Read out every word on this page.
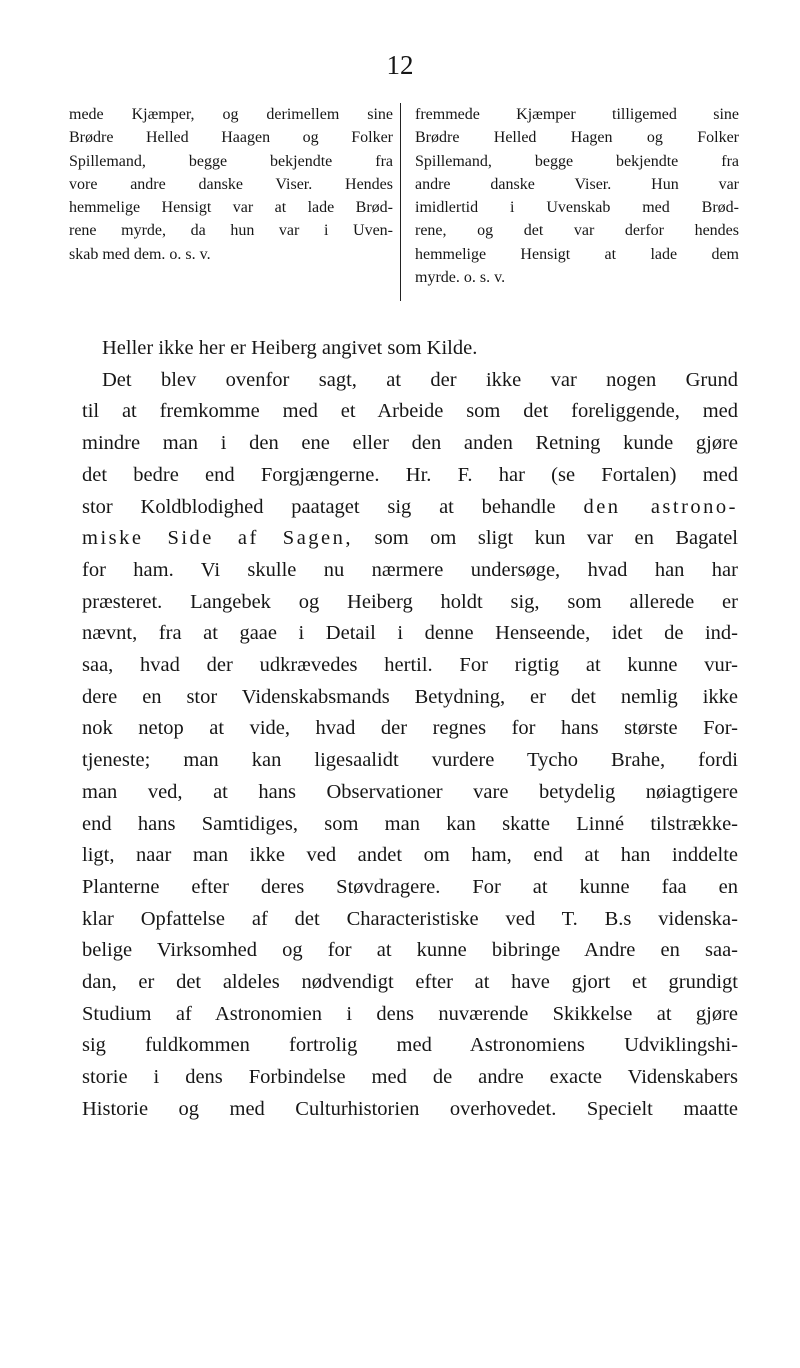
12
mede Kjæmper, og derimellem sine
Brødre Helled Haagen og Folker
Spillemand, begge bekjendte fra
vore andre danske Viser. Hendes
hemmelige Hensigt var at lade Brød-
rene myrde, da hun var i Uven-
skab med dem. o. s. v.
fremmede Kjæmper tilligemed sine
Brødre Helled Hagen og Folker
Spillemand, begge bekjendte fra
andre danske Viser. Hun var
imidlertid i Uvenskab med Brød-
rene, og det var derfor hendes
hemmelige Hensigt at lade dem
myrde. o. s. v.
Heller ikke her er Heiberg angivet som Kilde.
Det blev ovenfor sagt, at der ikke var nogen Grund
til at fremkomme med et Arbeide som det foreliggende, med
mindre man i den ene eller den anden Retning kunde gjøre
det bedre end Forgjængerne. Hr. F. har (se Fortalen) med
stor Koldblodighed paataget sig at behandle den astrono-
miske Side af Sagen, som om sligt kun var en Bagatel
for ham. Vi skulle nu nærmere undersøge, hvad han har
præsteret. Langebek og Heiberg holdt sig, som allerede er
nævnt, fra at gaae i Detail i denne Henseende, idet de ind-
saa, hvad der udkrævedes hertil. For rigtig at kunne vur-
dere en stor Videnskabsmands Betydning, er det nemlig ikke
nok netop at vide, hvad der regnes for hans største For-
tjeneste; man kan ligesaalidt vurdere Tycho Brahe, fordi
man ved, at hans Observationer vare betydelig nøiagtigere
end hans Samtidiges, som man kan skatte Linné tilstrække-
ligt, naar man ikke ved andet om ham, end at han inddelte
Planterne efter deres Støvdragere. For at kunne faa en
klar Opfattelse af det Characteristiske ved T. B.s videnska-
belige Virksomhed og for at kunne bibringe Andre en saa-
dan, er det aldeles nødvendigt efter at have gjort et grundigt
Studium af Astronomien i dens nuværende Skikkelse at gjøre
sig fuldkommen fortrolig med Astronomiens Udviklingshi-
storie i dens Forbindelse med de andre exacte Videnskabers
Historie og med Culturhistorien overhovedet. Specielt maatte
